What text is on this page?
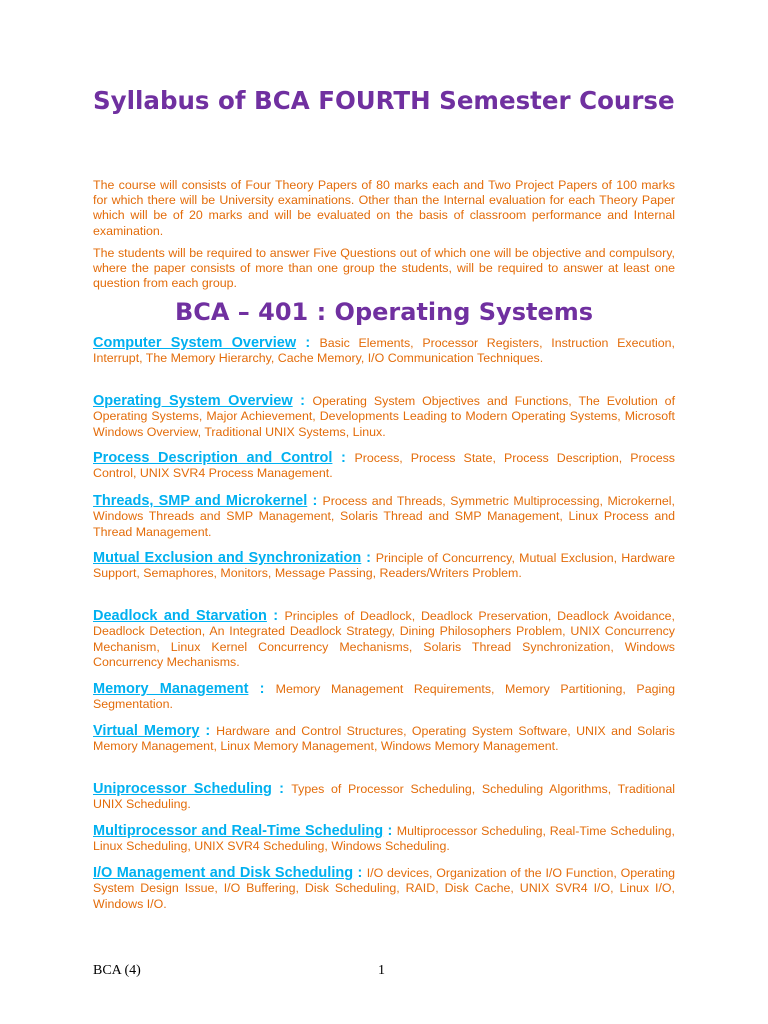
Syllabus of BCA FOURTH Semester Course

The course will consists of Four Theory Papers of 80 marks each and Two Project Papers of 100 marks for which there will be University examinations. Other than the Internal evaluation for each Theory Paper which will be of 20 marks and will be evaluated on the basis of classroom performance and Internal examination.

The students will be required to answer Five Questions out of which one will be objective and compulsory, where the paper consists of more than one group the students, will be required to answer at least one question from each group.

BCA – 401 : Operating Systems

Computer System Overview : Basic Elements, Processor Registers, Instruction Execution, Interrupt, The Memory Hierarchy, Cache Memory, I/O Communication Techniques.

Operating System Overview : Operating System Objectives and Functions, The Evolution of Operating Systems, Major Achievement, Developments Leading to Modern Operating Systems, Microsoft Windows Overview, Traditional UNIX Systems, Linux.

Process Description and Control : Process, Process State, Process Description, Process Control, UNIX SVR4 Process Management.

Threads, SMP and Microkernel : Process and Threads, Symmetric Multiprocessing, Microkernel, Windows Threads and SMP Management, Solaris Thread and SMP Management, Linux Process and Thread Management.

Mutual Exclusion and Synchronization : Principle of Concurrency, Mutual Exclusion, Hardware Support, Semaphores, Monitors, Message Passing, Readers/Writers Problem.

Deadlock and Starvation : Principles of Deadlock, Deadlock Preservation, Deadlock Avoidance, Deadlock Detection, An Integrated Deadlock Strategy, Dining Philosophers Problem, UNIX Concurrency Mechanism, Linux Kernel Concurrency Mechanisms, Solaris Thread Synchronization, Windows Concurrency Mechanisms.

Memory Management : Memory Management Requirements, Memory Partitioning, Paging Segmentation.

Virtual Memory : Hardware and Control Structures, Operating System Software, UNIX and Solaris Memory Management, Linux Memory Management, Windows Memory Management.

Uniprocessor Scheduling : Types of Processor Scheduling, Scheduling Algorithms, Traditional UNIX Scheduling.

Multiprocessor and Real-Time Scheduling : Multiprocessor Scheduling, Real-Time Scheduling, Linux Scheduling, UNIX SVR4 Scheduling, Windows Scheduling.

I/O Management and Disk Scheduling : I/O devices, Organization of the I/O Function, Operating System Design Issue, I/O Buffering, Disk Scheduling, RAID, Disk Cache, UNIX SVR4 I/O, Linux I/O, Windows I/O.

BCA (4)	1
